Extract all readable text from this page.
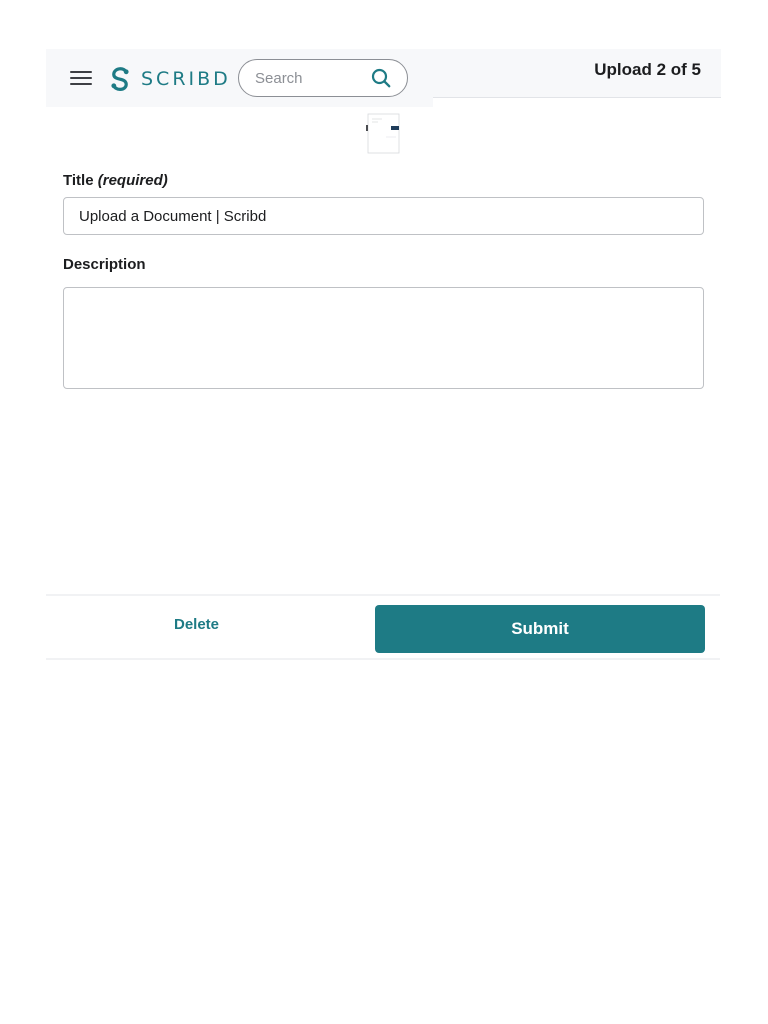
SCRIBD
Search	Upload 2 of 5
Title (required)
Upload a Document | Scribd
Description
Delete	Submit
